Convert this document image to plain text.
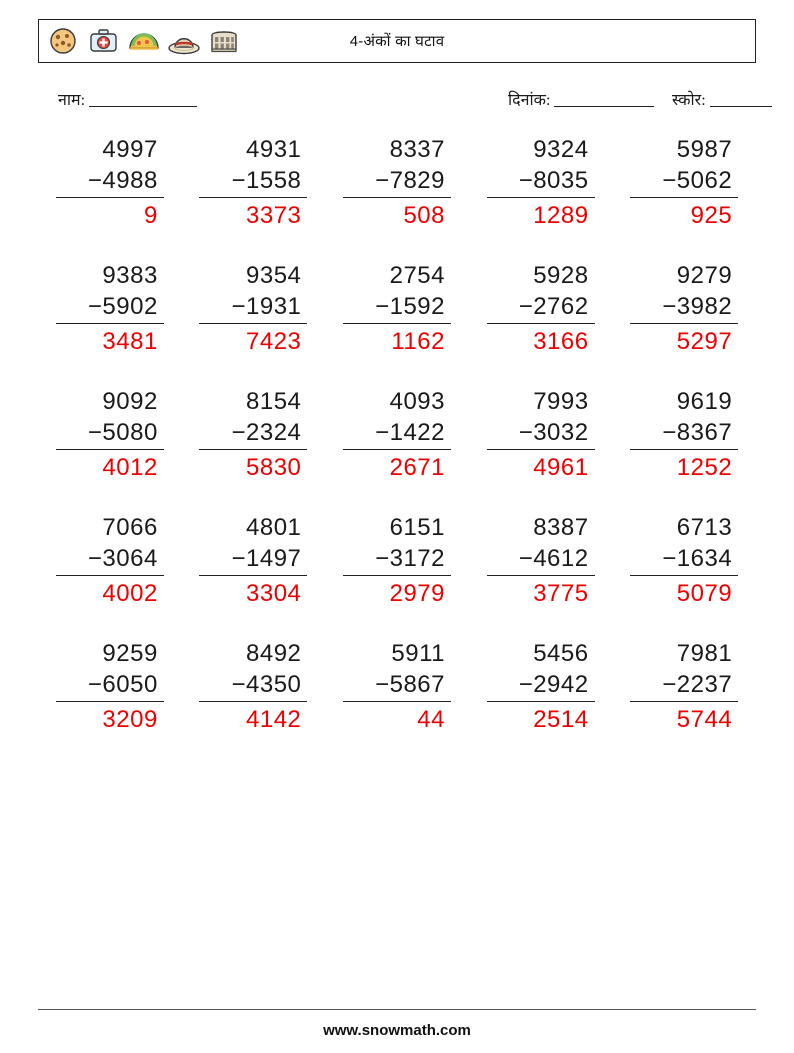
4-अंकों का घटाव
नाम:	दिनांक:	स्कोर:
4997
−4988
9
4931
−1558
3373
8337
−7829
508
9324
−8035
1289
5987
−5062
925
9383
−5902
3481
9354
−1931
7423
2754
−1592
1162
5928
−2762
3166
9279
−3982
5297
9092
−5080
4012
8154
−2324
5830
4093
−1422
2671
7993
−3032
4961
9619
−8367
1252
7066
−3064
4002
4801
−1497
3304
6151
−3172
2979
8387
−4612
3775
6713
−1634
5079
9259
−6050
3209
8492
−4350
4142
5911
−5867
44
5456
−2942
2514
7981
−2237
5744
www.snowmath.com
